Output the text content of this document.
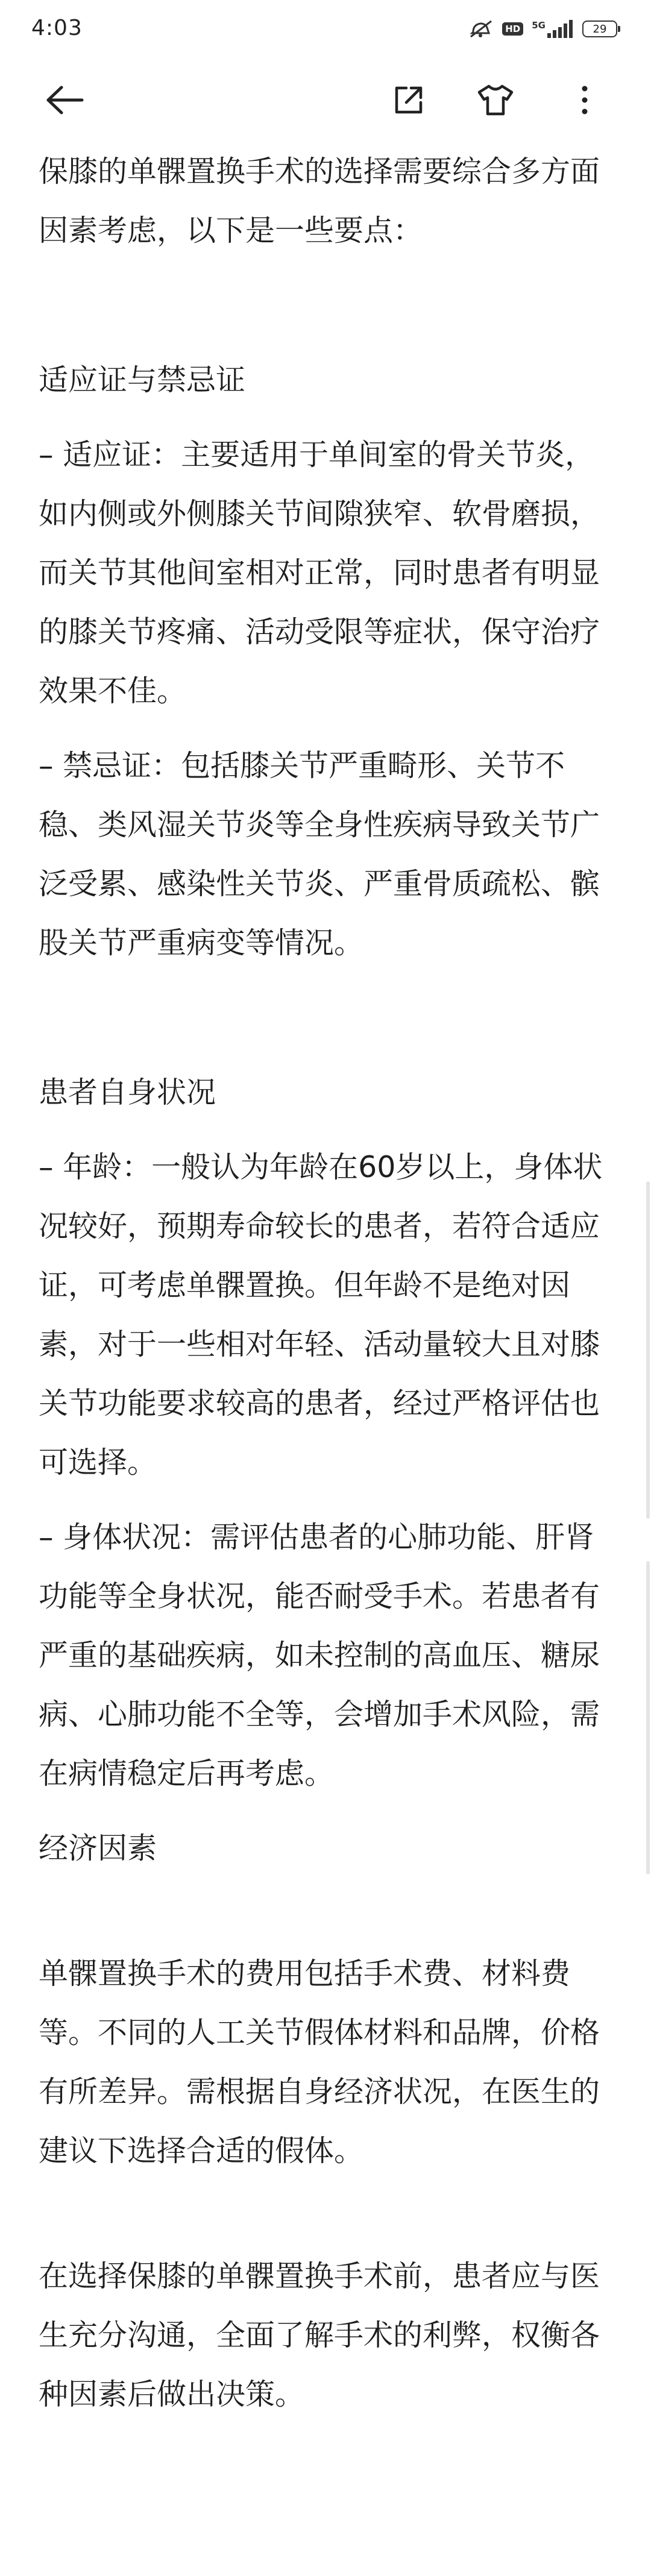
4:03	HD	5G	29

保膝的单髁置换手术的选择需要综合多方面因素考虑，以下是一些要点：

适应证与禁忌证

– 适应证：主要适用于单间室的骨关节炎，如内侧或外侧膝关节间隙狭窄、软骨磨损，而关节其他间室相对正常，同时患者有明显的膝关节疼痛、活动受限等症状，保守治疗效果不佳。

– 禁忌证：包括膝关节严重畸形、关节不稳、类风湿关节炎等全身性疾病导致关节广泛受累、感染性关节炎、严重骨质疏松、髌股关节严重病变等情况。

患者自身状况

– 年龄：一般认为年龄在60岁以上，身体状况较好，预期寿命较长的患者，若符合适应证，可考虑单髁置换。但年龄不是绝对因素，对于一些相对年轻、活动量较大且对膝关节功能要求较高的患者，经过严格评估也可选择。

– 身体状况：需评估患者的心肺功能、肝肾功能等全身状况，能否耐受手术。若患者有严重的基础疾病，如未控制的高血压、糖尿病、心肺功能不全等，会增加手术风险，需在病情稳定后再考虑。

经济因素

单髁置换手术的费用包括手术费、材料费等。不同的人工关节假体材料和品牌，价格有所差异。需根据自身经济状况，在医生的建议下选择合适的假体。

在选择保膝的单髁置换手术前，患者应与医生充分沟通，全面了解手术的利弊，权衡各种因素后做出决策。
